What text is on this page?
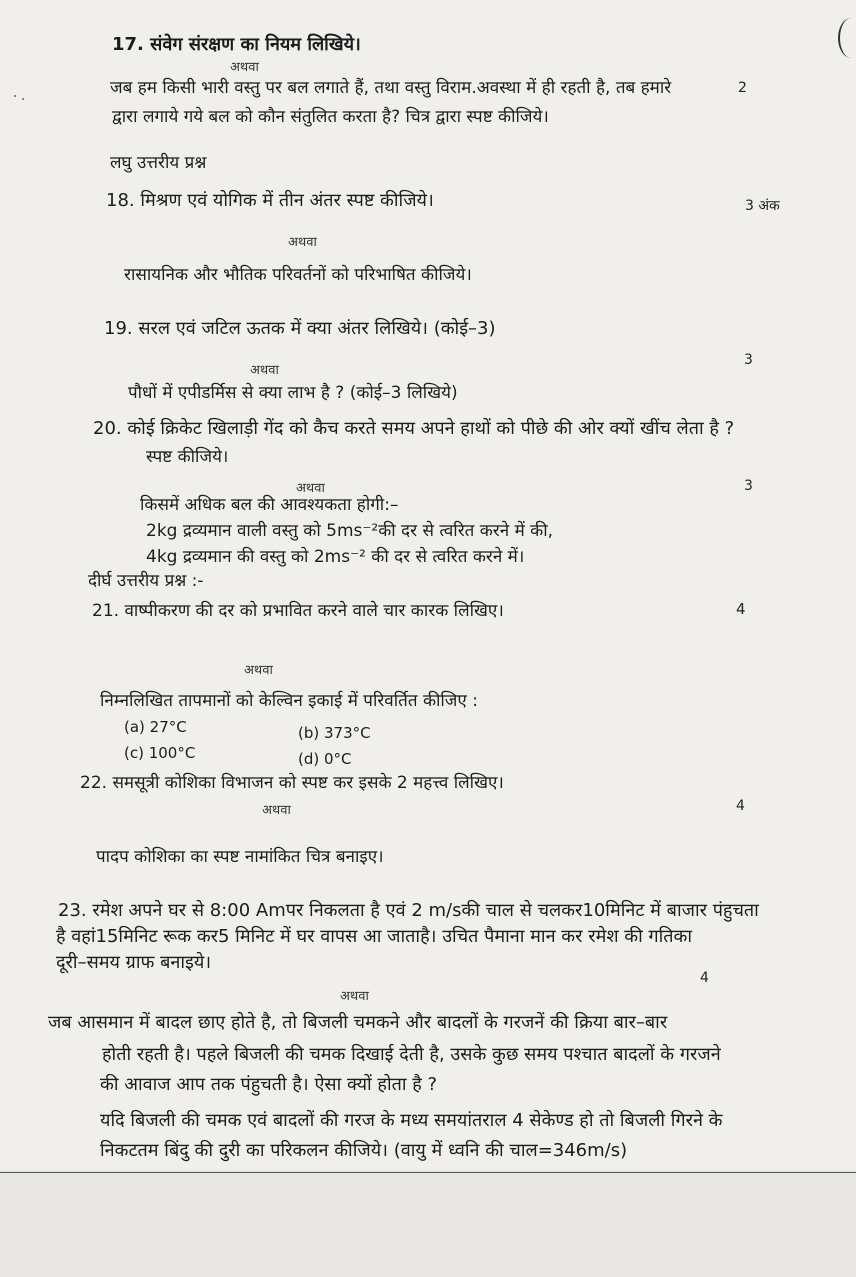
17. संवेग संरक्षण का नियम लिखिये।
अथवा
जब हम किसी भारी वस्तु पर बल लगाते हैं, तथा वस्तु विराम.अवस्था में ही रहती है, तब हमारे	2
द्वारा लगाये गये बल को कौन संतुलित करता है? चित्र द्वारा स्पष्ट कीजिये।
लघु उत्तरीय प्रश्न
18. मिश्रण एवं योगिक में तीन अंतर स्पष्ट कीजिये।	3 अंक
अथवा
रासायनिक और भौतिक परिवर्तनों को परिभाषित कीजिये।
19. सरल एवं जटिल ऊतक में क्या अंतर लिखिये। (कोई–3)
अथवा
3
पौधों में एपीडर्मिस से क्या लाभ है ? (कोई–3 लिखिये)
20. कोई क्रिकेट खिलाड़ी गेंद को कैच करते समय अपने हाथों को पीछे की ओर क्यों खींच लेता है ?
स्पष्ट कीजिये।
अथवा	3
किसमें अधिक बल की आवश्यकता होगी:–
2kg द्रव्यमान वाली वस्तु को 5ms⁻²की दर से त्वरित करने में की,
4kg द्रव्यमान की वस्तु को 2ms⁻² की दर से त्वरित करने में।
दीर्घ उत्तरीय प्रश्न :-
21. वाष्पीकरण की दर को प्रभावित करने वाले चार कारक लिखिए।	4
अथवा
निम्नलिखित तापमानों को केल्विन इकाई में परिवर्तित कीजिए :
(a) 27°C	(b) 373°C
(c) 100°C	(d) 0°C
22. समसूत्री कोशिका विभाजन को स्पष्ट कर इसके 2 महत्त्व लिखिए।
अथवा	4
पादप कोशिका का स्पष्ट नामांकित चित्र बनाइए।
23. रमेश अपने घर से 8:00 Amपर निकलता है एवं 2 m/sकी चाल से चलकर10मिनिट में बाजार पंहुचता
है वहां15मिनिट रूक कर5 मिनिट में घर वापस आ जाताहै। उचित पैमाना मान कर रमेश की गतिका
दूरी–समय ग्राफ बनाइये।
4
अथवा
जब आसमान में बादल छाए होते है, तो बिजली चमकने और बादलों के गरजनें की क्रिया बार–बार
होती रहती है। पहले बिजली की चमक दिखाई देती है, उसके कुछ समय पश्चात बादलों के गरजने
की आवाज आप तक पंहुचती है। ऐसा क्यों होता है ?
यदि बिजली की चमक एवं बादलों की गरज के मध्य समयांतराल 4 सेकेण्ड हो तो बिजली गिरने के
निकटतम बिंदु की दुरी का परिकलन कीजिये। (वायु में ध्वनि की चाल=346m/s)
